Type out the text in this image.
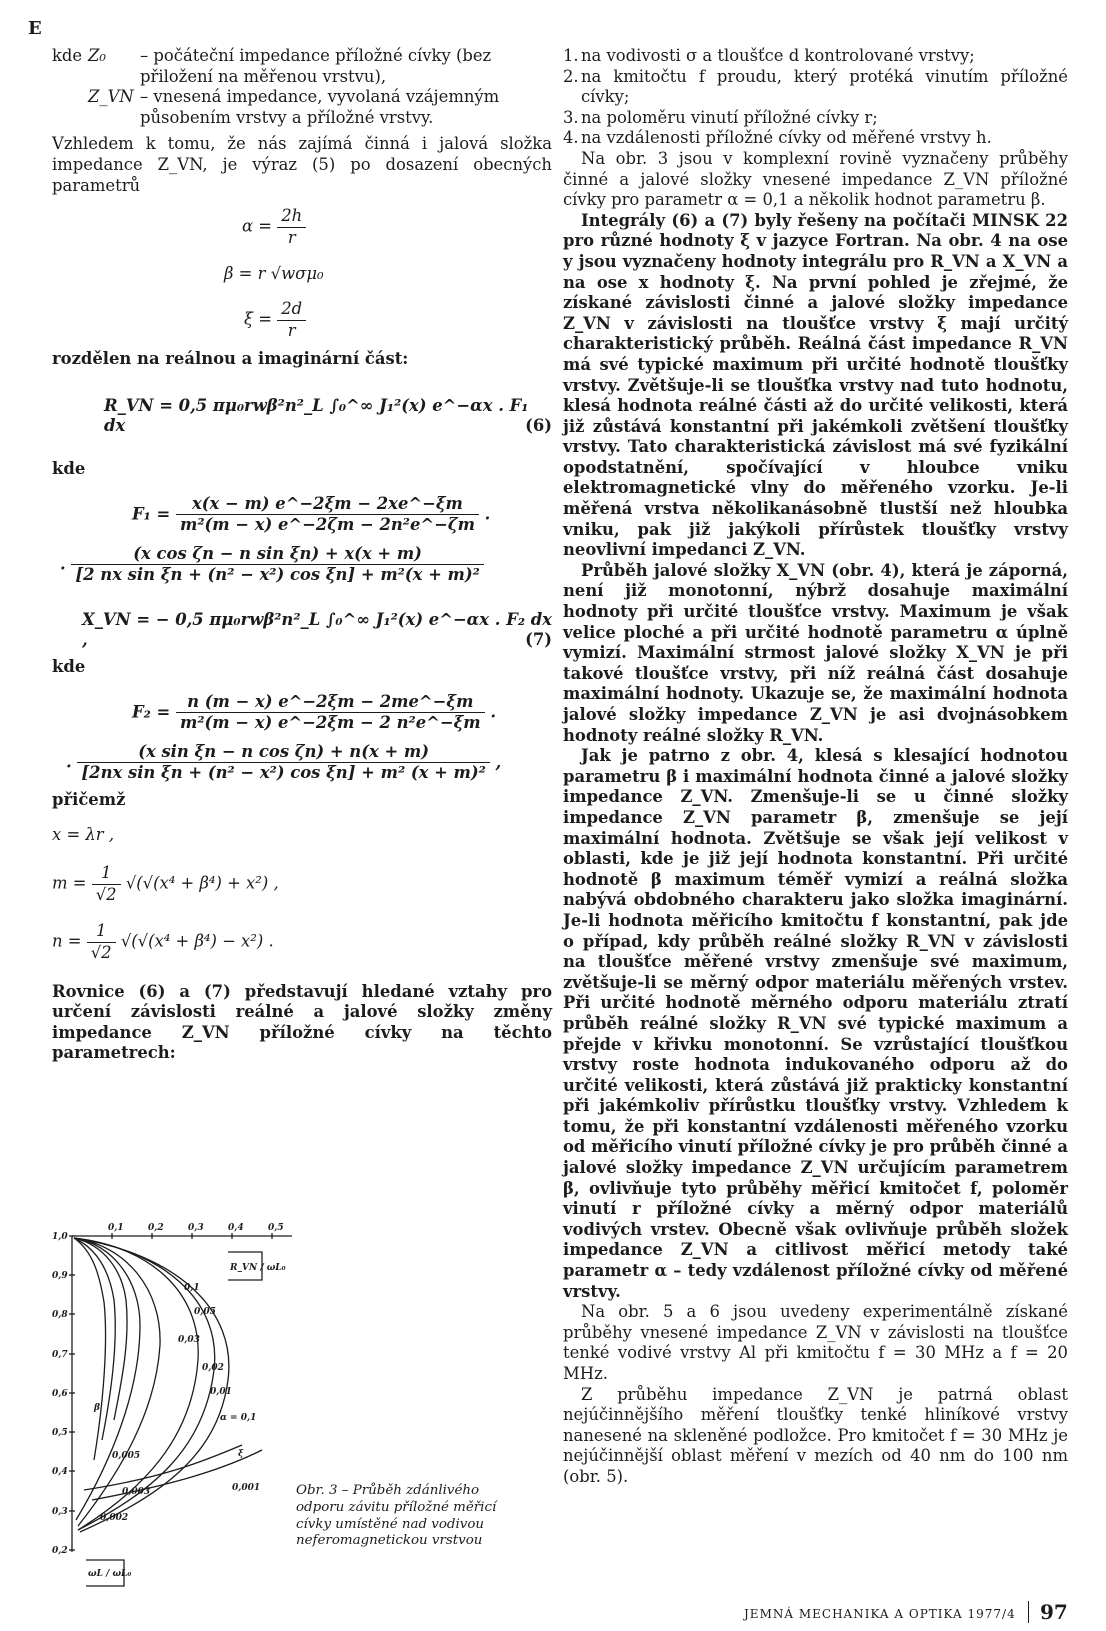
E
kde Z₀	– počáteční impedance příložné cívky (bez přiložení na měřenou vrstvu),
Z_VN – vnesená impedance, vyvolaná vzájemným působením vrstvy a příložné vrstvy.

Vzhledem k tomu, že nás zajímá činná i jalová složka impedance Z_VN, je výraz (5) po dosazení obecných parametrů

$\alpha = \frac{2h}{r}$
β = r √wσμ₀
$\xi = \frac{2d}{r}$

rozdělen na reálnou a imaginární část:

R_VN = 0,5 πμ₀rwβ²n²_L ∫₀^∞ J₁²(x) e^−αx . F₁ dx	(6)

kde

$F_1 = \frac{x(x - m) e\^{}-2\xi m - 2xe\^{}-\xi m}{\text{m²(m − x) e\textasciicircum{}−2ζm − 2n²e\textasciicircum{}−ζm}}$ .
. $\frac{\text{(x cos ζn − n sin ξn) + x(x + m)}}{\text{[2 nx sin ξn + (n² − x²) cos ξn] + m²(x + m)²}}$
X_VN = − 0,5 πμ₀rwβ²n²_L ∫₀^∞ J₁²(x) e^−αx . F₂ dx ,	(7)

kde

$F_2 = \frac{n (m - x) e\^{}-2\xi m - 2me\^{}-\xi m}{\text{m²(m − x) e\textasciicircum{}−2ξm − 2 n²e\textasciicircum{}−ξm}}$ .
. $\frac{\text{(x sin ξn − n cos ζn) + n(x + m)}}{\text{[2nx sin ξn + (n² − x²) cos ξn] + m² (x + m)²}}$ ,

přičemž

x = λr ,
$m = \frac{1}{√2} √(√(x^4 + \beta^4) + x^2)$ ,
$n = \frac{1}{√2} √(√(x^4 + \beta^4) - x^2)$ .

Rovnice (6) a (7) představují hledané vztahy pro určení závislosti reálné a jalové složky změny impedance Z_VN příložné cívky na těchto parametrech:

0,1	0,2	0,3	0,4	0,5
1,0
0,9
0,8
0,7
0,6
0,5
0,4
0,3
0,2
R_VN / ωL₀
ωL / ωL₀
0,1
0,05
0,03
0,02
0,01
0,005
0,003
0,002
0,001
α = 0,1
β
ξ
Obr. 3 – Průběh zdánlivého odporu závitu příložné měřicí cívky umístěné nad vodivou neferomagnetickou vrstvou
1. na vodivosti σ a tloušťce d kontrolované vrstvy;
2. na kmitočtu f proudu, který protéká vinutím příložné cívky;
3. na poloměru vinutí příložné cívky r;
4. na vzdálenosti příložné cívky od měřené vrstvy h.

Na obr. 3 jsou v komplexní rovině vyznačeny průběhy činné a jalové složky vnesené impedance Z_VN příložné cívky pro parametr α = 0,1 a několik hodnot parametru β.

Integrály (6) a (7) byly řešeny na počítači MINSK 22 pro různé hodnoty ξ v jazyce Fortran. Na obr. 4 na ose y jsou vyznačeny hodnoty integrálu pro R_VN a X_VN a na ose x hodnoty ξ. Na první pohled je zřejmé, že získané závislosti činné a jalové složky impedance Z_VN v závislosti na tloušťce vrstvy ξ mají určitý charakteristický průběh. Reálná část impedance R_VN má své typické maximum při určité hodnotě tloušťky vrstvy. Zvětšuje-li se tloušťka vrstvy nad tuto hodnotu, klesá hodnota reálné části až do určité velikosti, která již zůstává konstantní při jakémkoli zvětšení tloušťky vrstvy. Tato charakteristická závislost má své fyzikální opodstatnění, spočívající v hloubce vniku elektromagnetické vlny do měřeného vzorku. Je-li měřená vrstva několikanásobně tlustší než hloubka vniku, pak již jakýkoli přírůstek tloušťky vrstvy neovlivní impedanci Z_VN.

Průběh jalové složky X_VN (obr. 4), která je záporná, není již monotonní, nýbrž dosahuje maximální hodnoty při určité tloušťce vrstvy. Maximum je však velice ploché a při určité hodnotě parametru α úplně vymizí. Maximální strmost jalové složky X_VN je při takové tloušťce vrstvy, při níž reálná část dosahuje maximální hodnoty. Ukazuje se, že maximální hodnota jalové složky impedance Z_VN je asi dvojnásobkem hodnoty reálné složky R_VN.

Jak je patrno z obr. 4, klesá s klesající hodnotou parametru β i maximální hodnota činné a jalové složky impedance Z_VN. Zmenšuje-li se u činné složky impedance Z_VN parametr β, zmenšuje se její maximální hodnota. Zvětšuje se však její velikost v oblasti, kde je již její hodnota konstantní. Při určité hodnotě β maximum téměř vymizí a reálná složka nabývá obdobného charakteru jako složka imaginární. Je-li hodnota měřicího kmitočtu f konstantní, pak jde o případ, kdy průběh reálné složky R_VN v závislosti na tloušťce měřené vrstvy zmenšuje své maximum, zvětšuje-li se měrný odpor materiálu měřených vrstev. Při určité hodnotě měrného odporu materiálu ztratí průběh reálné složky R_VN své typické maximum a přejde v křivku monotonní. Se vzrůstající tloušťkou vrstvy roste hodnota indukovaného odporu až do určité velikosti, která zůstává již prakticky konstantní při jakémkoliv přírůstku tloušťky vrstvy. Vzhledem k tomu, že při konstantní vzdálenosti měřeného vzorku od měřicího vinutí příložné cívky je pro průběh činné a jalové složky impedance Z_VN určujícím parametrem β, ovlivňuje tyto průběhy měřicí kmitočet f, poloměr vinutí r příložné cívky a měrný odpor materiálů vodivých vrstev. Obecně však ovlivňuje průběh složek impedance Z_VN a citlivost měřicí metody také parametr α – tedy vzdálenost příložné cívky od měřené vrstvy.

Na obr. 5 a 6 jsou uvedeny experimentálně získané průběhy vnesené impedance Z_VN v závislosti na tloušťce tenké vodivé vrstvy Al při kmitočtu f = 30 MHz a f = 20 MHz.

Z průběhu impedance Z_VN je patrná oblast nejúčinnějšího měření tloušťky tenké hliníkové vrstvy nanesené na skleněné podložce. Pro kmitočet f = 30 MHz je nejúčinnější oblast měření v mezích od 40 nm do 100 nm (obr. 5).

JEMNÁ MECHANIKA A OPTIKA 1977/4 97
